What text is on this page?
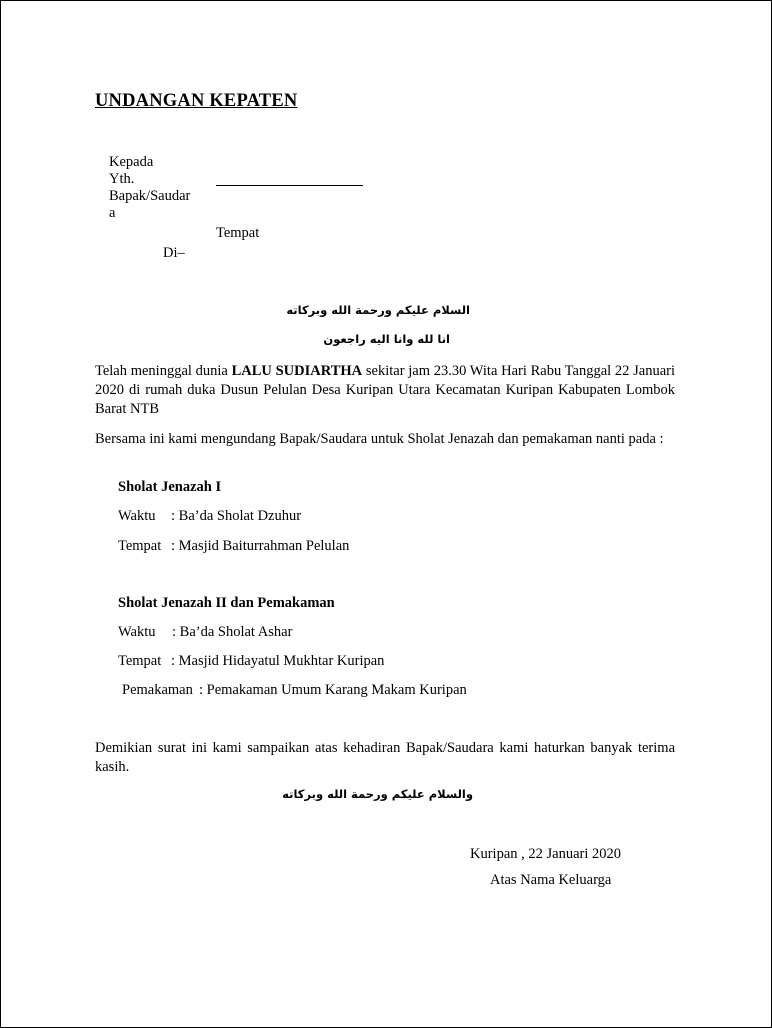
UNDANGAN KEPATEN
Kepada
Yth.
Bapak/Saudar
a
Tempat
Di–
السلام عليكم ورحمة الله وبركاته
انا لله وانا اليه راجعون
Telah meninggal dunia LALU SUDIARTHA sekitar jam 23.30 Wita Hari Rabu Tanggal 22 Januari 2020 di rumah duka Dusun Pelulan Desa Kuripan Utara Kecamatan Kuripan Kabupaten Lombok Barat NTB
Bersama ini kami mengundang Bapak/Saudara untuk Sholat Jenazah dan pemakaman nanti pada :
Sholat Jenazah I
Waktu : Ba’da Sholat Dzuhur
Tempat : Masjid Baiturrahman Pelulan
Sholat Jenazah II dan Pemakaman
Waktu : Ba’da Sholat Ashar
Tempat : Masjid Hidayatul Mukhtar Kuripan
Pemakaman : Pemakaman Umum Karang Makam Kuripan
Demikian surat ini kami sampaikan atas kehadiran Bapak/Saudara kami haturkan banyak terima kasih.
والسلام عليكم ورحمة الله وبركاته
Kuripan , 22 Januari 2020
Atas Nama Keluarga
